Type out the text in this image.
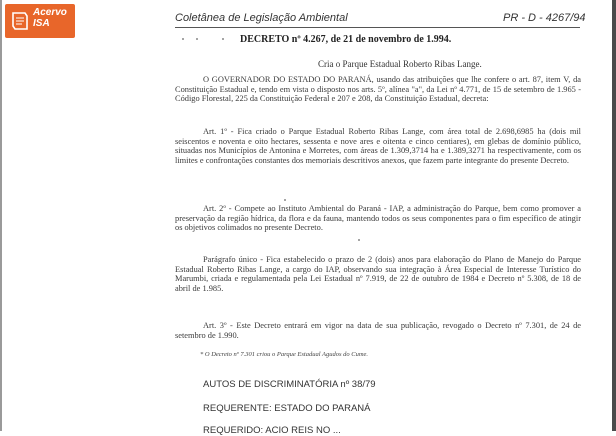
Acervo ISA	Coletânea de Legislação Ambiental	PR - D - 4267/94
DECRETO nº 4.267, de 21 de novembro de 1.994.
Cria o Parque Estadual Roberto Ribas Lange.

O GOVERNADOR DO ESTADO DO PARANÁ, usando das atribuições que lhe confere o art. 87, item V, da Constituição Estadual e, tendo em vista o disposto nos arts. 5º, alínea "a", da Lei nº 4.771, de 15 de setembro de 1.965 - Código Florestal, 225 da Constituição Federal e 207 e 208, da Constituição Estadual, decreta:

Art. 1º - Fica criado o Parque Estadual Roberto Ribas Lange, com área total de 2.698,6985 ha (dois mil seiscentos e noventa e oito hectares, sessenta e nove ares e oitenta e cinco centiares), em glebas de domínio público, situadas nos Municípios de Antonina e Morretes, com áreas de 1.309,3714 ha e 1.389,3271 ha respectivamente, com os limites e confrontações constantes dos memoriais descritivos anexos, que fazem parte integrante do presente Decreto.

Art. 2º - Compete ao Instituto Ambiental do Paraná - IAP, a administração do Parque, bem como promover a preservação da região hídrica, da flora e da fauna, mantendo todos os seus componentes para o fim específico de atingir os objetivos colimados no presente Decreto.

Parágrafo único - Fica estabelecido o prazo de 2 (dois) anos para elaboração do Plano de Manejo do Parque Estadual Roberto Ribas Lange, a cargo do IAP, observando sua integração à Área Especial de Interesse Turístico do Marumbi, criada e regulamentada pela Lei Estadual nº 7.919, de 22 de outubro de 1984 e Decreto nº 5.308, de 18 de abril de 1.985.

Art. 3º - Este Decreto entrará em vigor na data de sua publicação, revogado o Decreto nº 7.301, de 24 de setembro de 1.990.

* O Decreto nº 7.301 criou o Parque Estadual Agudos do Cume.
AUTOS DE DISCRIMINATÓRIA nº 38/79
REQUERENTE: ESTADO DO PARANÁ
REQUERIDO: ACIO REIS NO ...
